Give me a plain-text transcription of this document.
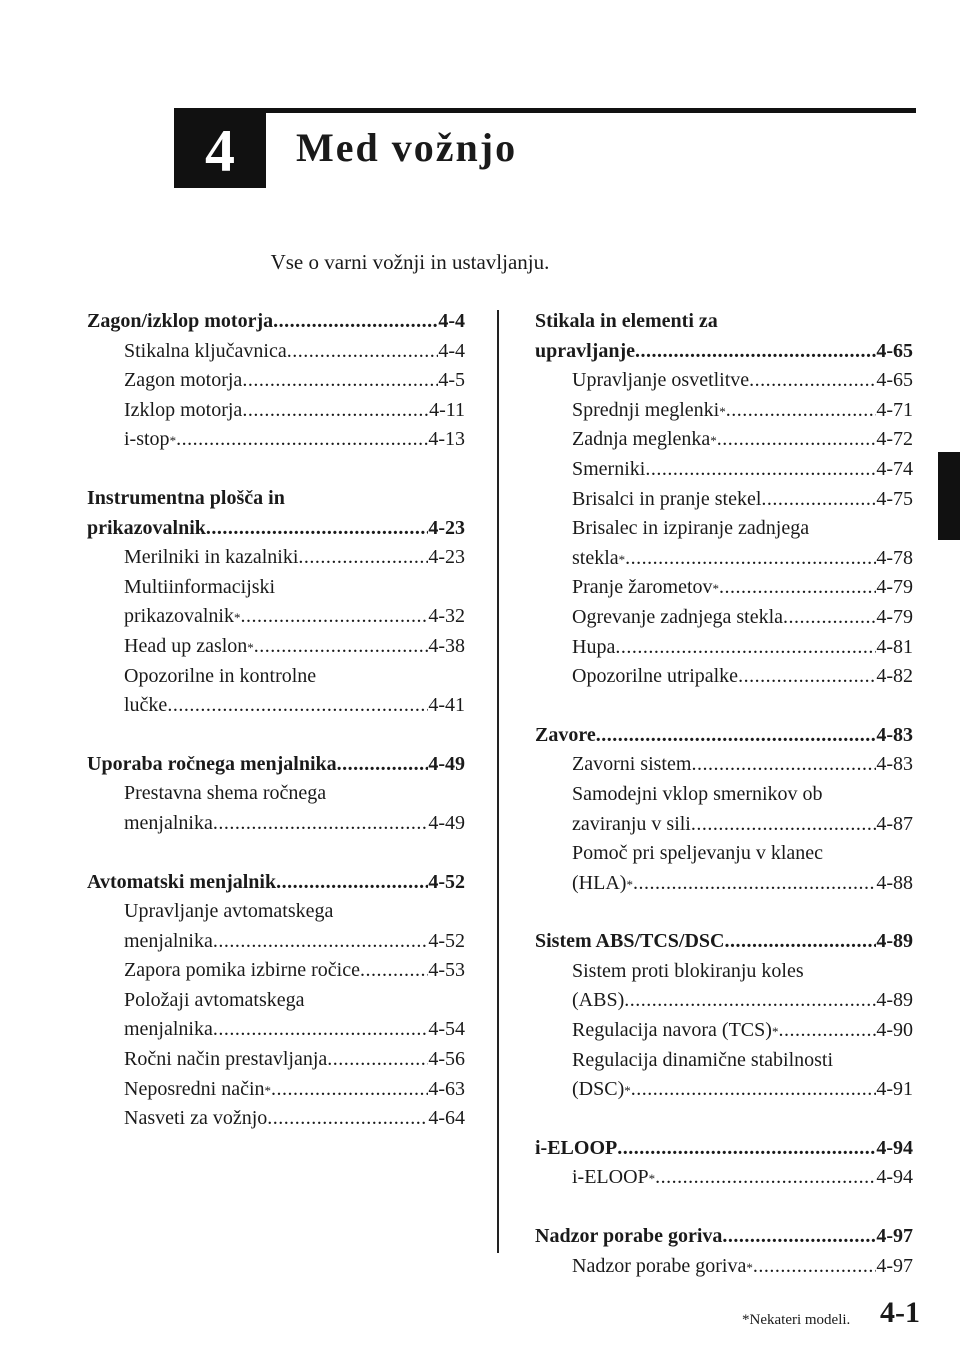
4 Med vožnjo
Vse o varni vožnji in ustavljanju.
Zagon/izklop motorja .....	4-4
Stikalna ključavnica .....	4-4
Zagon motorja .....	4-5
Izklop motorja .....	4-11
i-stop * .....	4-13
Instrumentna plošča in
prikazovalnik .....	4-23
Merilniki in kazalniki .....	4-23
Multiinformacijski
prikazovalnik * .....	4-32
Head up zaslon * .....	4-38
Opozorilne in kontrolne
lučke .....	4-41
Uporaba ročnega menjalnika .....	4-49
Prestavna shema ročnega
menjalnika .....	4-49
Avtomatski menjalnik .....	4-52
Upravljanje avtomatskega
menjalnika .....	4-52
Zapora pomika izbirne ročice .....	4-53
Položaji avtomatskega
menjalnika .....	4-54
Ročni način prestavljanja .....	4-56
Neposredni način * .....	4-63
Nasveti za vožnjo .....	4-64
Stikala in elementi za
upravljanje .....	4-65
Upravljanje osvetlitve .....	4-65
Sprednji meglenki * .....	4-71
Zadnja meglenka * .....	4-72
Smerniki .....	4-74
Brisalci in pranje stekel .....	4-75
Brisalec in izpiranje zadnjega
stekla * .....	4-78
Pranje žarometov * .....	4-79
Ogrevanje zadnjega stekla .....	4-79
Hupa .....	4-81
Opozorilne utripalke .....	4-82
Zavore .....	4-83
Zavorni sistem .....	4-83
Samodejni vklop smernikov ob
zaviranju v sili .....	4-87
Pomoč pri speljevanju v klanec
(HLA) * .....	4-88
Sistem ABS/TCS/DSC .....	4-89
Sistem proti blokiranju koles
(ABS) .....	4-89
Regulacija navora (TCS) * .....	4-90
Regulacija dinamične stabilnosti
(DSC) * .....	4-91
i-ELOOP .....	4-94
i-ELOOP * .....	4-94
Nadzor porabe goriva .....	4-97
Nadzor porabe goriva * .....	4-97
*Nekateri modeli. 4-1
